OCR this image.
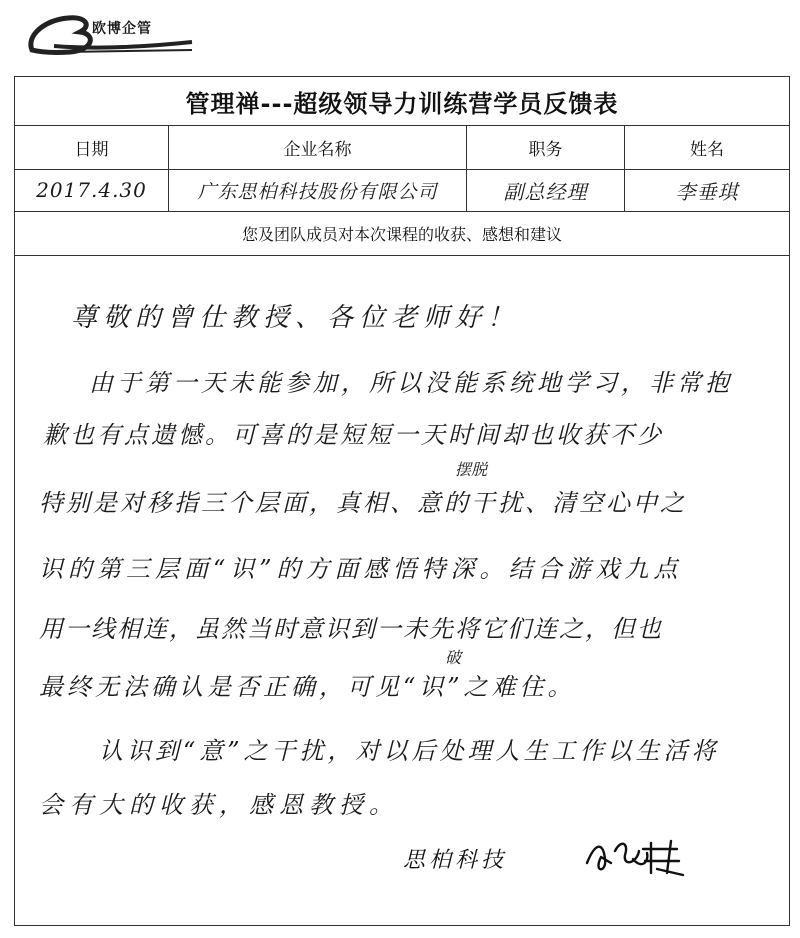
欧博企管
管理禅---超级领导力训练营学员反馈表
日期	企业名称	职务	姓名
2017.4.30	广东思柏科技股份有限公司	副总经理	李垂琪
您及团队成员对本次课程的收获、感想和建议
尊敬的曾仕教授、各位老师好！
由于第一天未能参加，所以没能系统地学习，非常抱
歉也有点遗憾。可喜的是短短一天时间却也收获不少
摆脱
特别是对移指三个层面，真相、意的干扰、清空心中之
识的第三层面“识”的方面感悟特深。结合游戏九点
用一线相连，虽然当时意识到一未先将它们连之，但也
破
最终无法确认是否正确，可见“识”之难住。
认识到“意”之干扰，对以后处理人生工作以生活将
会有大的收获，感恩教授。
思柏科技
